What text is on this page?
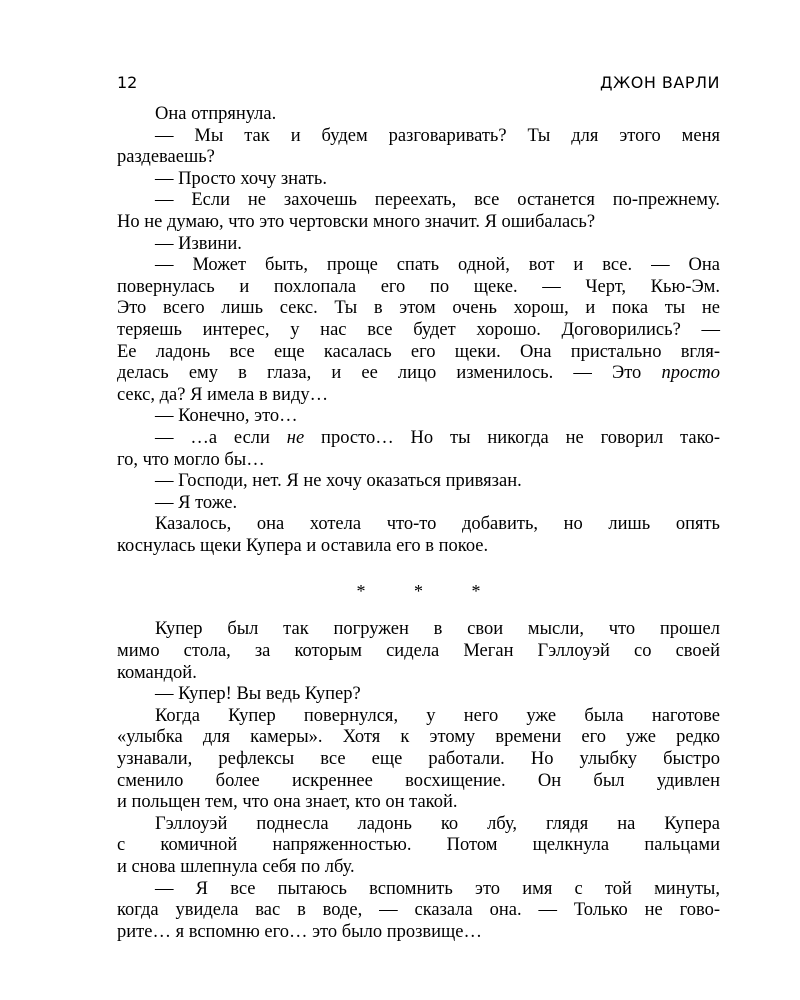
12	ДЖОН ВАРЛИ
Она отпрянула.
— Мы так и будем разговаривать? Ты для этого меня
раздеваешь?
— Просто хочу знать.
— Если не захочешь переехать, все останется по-прежнему.
Но не думаю, что это чертовски много значит. Я ошибалась?
— Извини.
— Может быть, проще спать одной, вот и все. — Она
повернулась и похлопала его по щеке. — Черт, Кью-Эм.
Это всего лишь секс. Ты в этом очень хорош, и пока ты не
теряешь интерес, у нас все будет хорошо. Договорились? —
Ее ладонь все еще касалась его щеки. Она пристально вгля-
делась ему в глаза, и ее лицо изменилось. — Это просто
секс, да? Я имела в виду…
— Конечно, это…
— …а если не просто… Но ты никогда не говорил тако-
го, что могло бы…
— Господи, нет. Я не хочу оказаться привязан.
— Я тоже.
Казалось, она хотела что-то добавить, но лишь опять
коснулась щеки Купера и оставила его в покое.
* * *
Купер был так погружен в свои мысли, что прошел
мимо стола, за которым сидела Меган Гэллоуэй со своей
командой.
— Купер! Вы ведь Купер?
Когда Купер повернулся, у него уже была наготове
«улыбка для камеры». Хотя к этому времени его уже редко
узнавали, рефлексы все еще работали. Но улыбку быстро
сменило более искреннее восхищение. Он был удивлен
и польщен тем, что она знает, кто он такой.
Гэллоуэй поднесла ладонь ко лбу, глядя на Купера
с комичной напряженностью. Потом щелкнула пальцами
и снова шлепнула себя по лбу.
— Я все пытаюсь вспомнить это имя с той минуты,
когда увидела вас в воде, — сказала она. — Только не гово-
рите… я вспомню его… это было прозвище…
